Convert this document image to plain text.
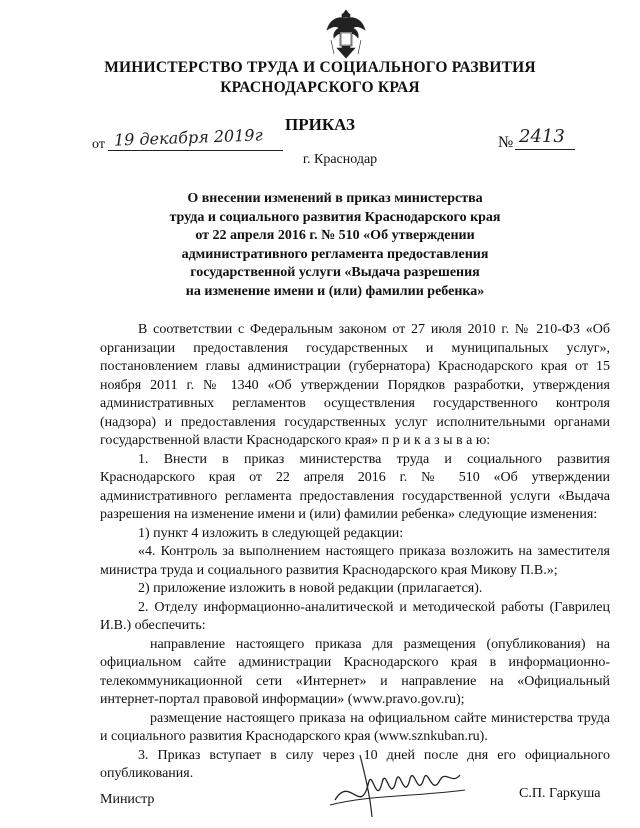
МИНИСТЕРСТВО ТРУДА И СОЦИАЛЬНОГО РАЗВИТИЯ
КРАСНОДАРСКОГО КРАЯ
ПРИКАЗ
от 19 декабря 2019г	№ 2413
г. Краснодар
О внесении изменений в приказ министерства
труда и социального развития Краснодарского края
от 22 апреля 2016 г. № 510 «Об утверждении
административного регламента предоставления
государственной услуги «Выдача разрешения
на изменение имени и (или) фамилии ребенка»

В соответствии с Федеральным законом от 27 июля 2010 г. № 210-ФЗ «Об организации предоставления государственных и муниципальных услуг», постановлением главы администрации (губернатора) Краснодарского края от 15 ноября 2011 г. № 1340 «Об утверждении Порядков разработки, утверждения административных регламентов осуществления государственного контроля (надзора) и предоставления государственных услуг исполнительными органами государственной власти Краснодарского края» п р и к а з ы в а ю:

1. Внести в приказ министерства труда и социального развития Краснодарского края от 22 апреля 2016 г. № 510 «Об утверждении административного регламента предоставления государственной услуги «Выдача разрешения на изменение имени и (или) фамилии ребенка» следующие изменения:

1) пункт 4 изложить в следующей редакции:

«4. Контроль за выполнением настоящего приказа возложить на заместителя министра труда и социального развития Краснодарского края Микову П.В.»;

2) приложение изложить в новой редакции (прилагается).

2. Отделу информационно-аналитической и методической работы (Гаврилец И.В.) обеспечить:

направление настоящего приказа для размещения (опубликования) на официальном сайте администрации Краснодарского края в информационно-телекоммуникационной сети «Интернет» и направление на «Официальный интернет-портал правовой информации» (www.pravo.gov.ru);

размещение настоящего приказа на официальном сайте министерства труда и социального развития Краснодарского края (www.sznkuban.ru).

3. Приказ вступает в силу через 10 дней после дня его официального опубликования.

Министр	С.П. Гаркуша
